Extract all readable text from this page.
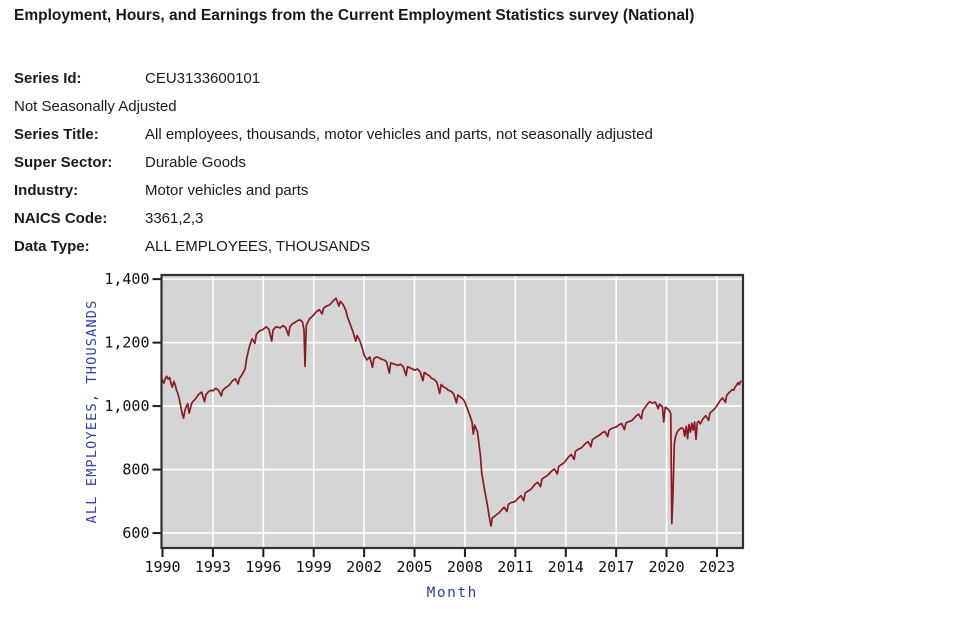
Employment, Hours, and Earnings from the Current Employment Statistics survey (National)
Series Id:	CEU3133600101
Not Seasonally Adjusted
Series Title:	All employees, thousands, motor vehicles and parts, not seasonally adjusted
Super Sector:	Durable Goods
Industry:	Motor vehicles and parts
NAICS Code:	3361,2,3
Data Type:	ALL EMPLOYEES, THOUSANDS
600
800
1,000
1,200
1,400
1990 1993 1996 1999 2002 2005 2008 2011 2014 2017 2020 2023
ALL EMPLOYEES, THOUSANDS
Month
